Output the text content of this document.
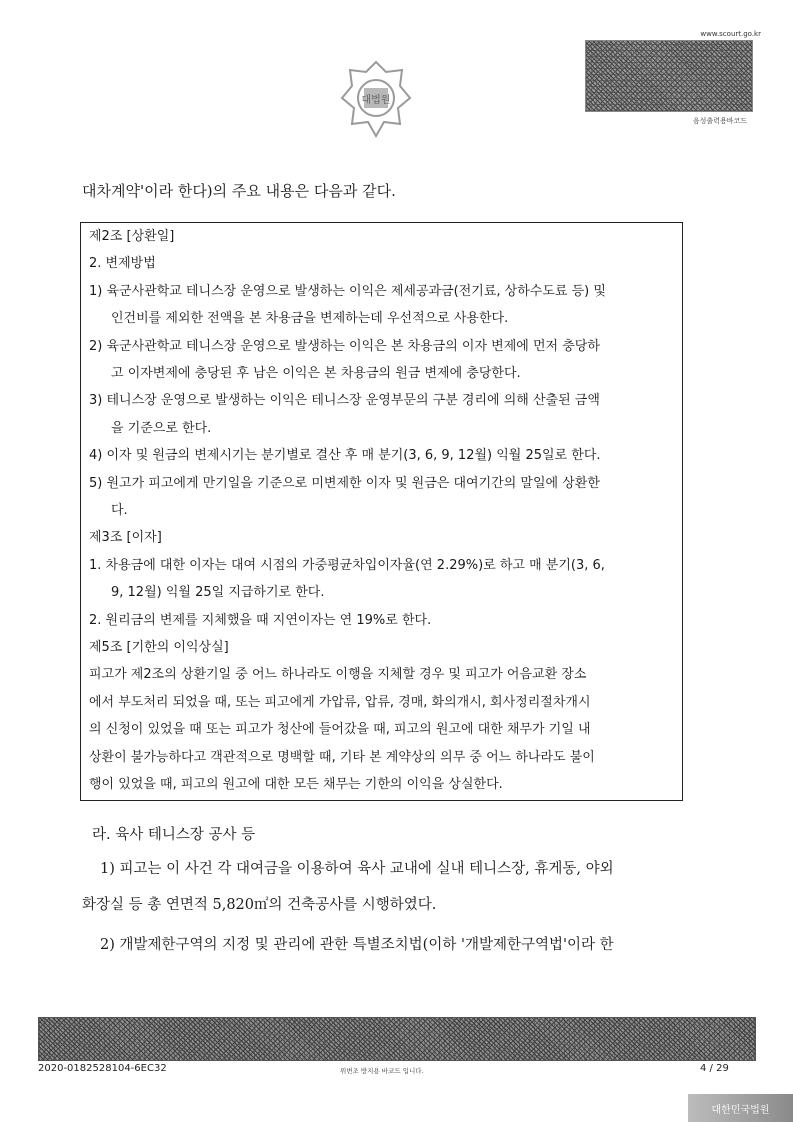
대법원
www.scourt.go.kr
음성출력용바코드
대차계약'이라 한다)의 주요 내용은 다음과 같다.
제2조 [상환일]
2. 변제방법
1) 육군사관학교 테니스장 운영으로 발생하는 이익은 제세공과금(전기료, 상하수도료 등) 및
인건비를 제외한 전액을 본 차용금을 변제하는데 우선적으로 사용한다.
2) 육군사관학교 테니스장 운영으로 발생하는 이익은 본 차용금의 이자 변제에 먼저 충당하
고 이자변제에 충당된 후 남은 이익은 본 차용금의 원금 변제에 충당한다.
3) 테니스장 운영으로 발생하는 이익은 테니스장 운영부문의 구분 경리에 의해 산출된 금액
을 기준으로 한다.
4) 이자 및 원금의 변제시기는 분기별로 결산 후 매 분기(3, 6, 9, 12월) 익월 25일로 한다.
5) 원고가 피고에게 만기일을 기준으로 미변제한 이자 및 원금은 대여기간의 말일에 상환한
다.
제3조 [이자]
1. 차용금에 대한 이자는 대여 시점의 가중평균차입이자율(연 2.29%)로 하고 매 분기(3, 6,
9, 12월) 익월 25일 지급하기로 한다.
2. 원리금의 변제를 지체했을 때 지연이자는 연 19%로 한다.
제5조 [기한의 이익상실]
피고가 제2조의 상환기일 중 어느 하나라도 이행을 지체할 경우 및 피고가 어음교환 장소
에서 부도처리 되었을 때, 또는 피고에게 가압류, 압류, 경매, 화의개시, 회사정리절차개시
의 신청이 있었을 때 또는 피고가 청산에 들어갔을 때, 피고의 원고에 대한 채무가 기일 내
상환이 불가능하다고 객관적으로 명백할 때, 기타 본 계약상의 의무 중 어느 하나라도 불이
행이 있었을 때, 피고의 원고에 대한 모든 채무는 기한의 이익을 상실한다.
라. 육사 테니스장 공사 등
1) 피고는 이 사건 각 대여금을 이용하여 육사 교내에 실내 테니스장, 휴게동, 야외
화장실 등 총 연면적 5,820㎡의 건축공사를 시행하였다.
2) 개발제한구역의 지정 및 관리에 관한 특별조치법(이하 '개발제한구역법'이라 한
2020-0182528104-6EC32	위변조 방지용 바코드 입니다.	4 / 29
대한민국법원
